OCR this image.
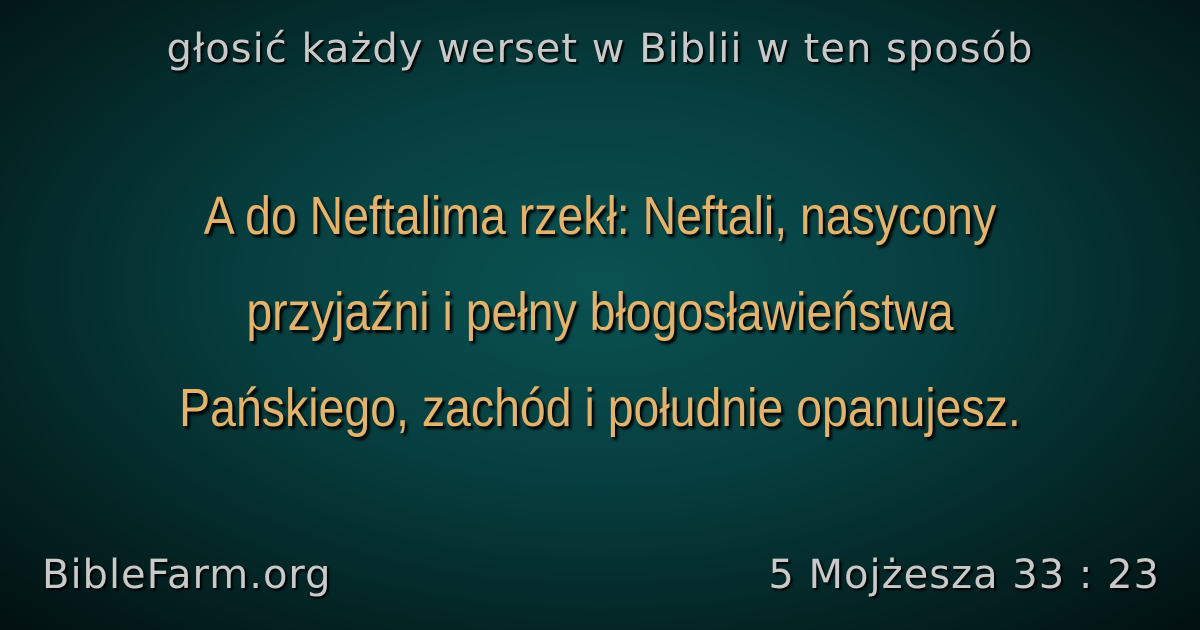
głosić każdy werset w Biblii w ten sposób
A do Neftalima rzekł: Neftali, nasycony
przyjaźni i pełny błogosławieństwa
Pańskiego, zachód i południe opanujesz.
BibleFarm.org	5 Mojżesza 33 : 23
